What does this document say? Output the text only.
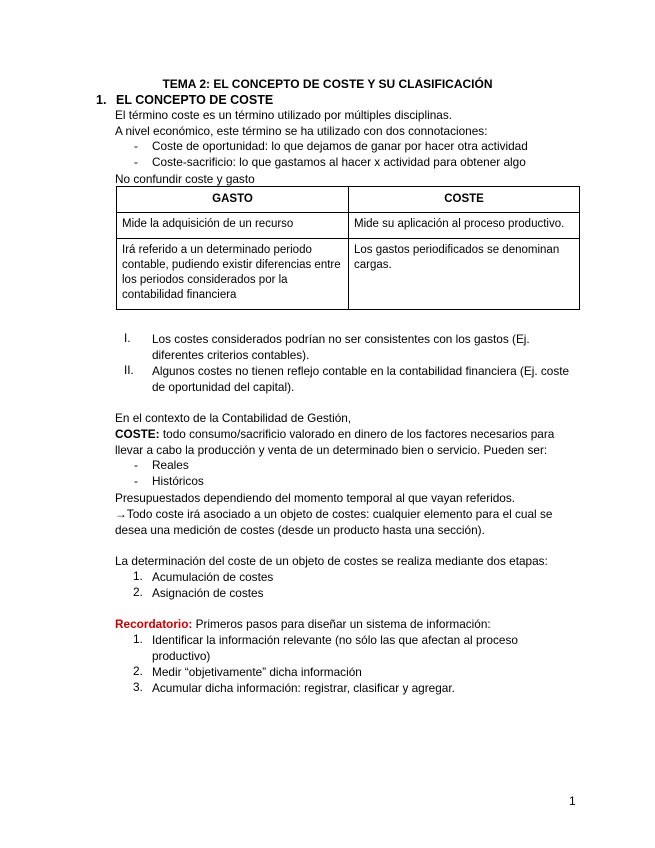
TEMA 2: EL CONCEPTO DE COSTE Y SU CLASIFICACIÓN
1. EL CONCEPTO DE COSTE
El término coste es un término utilizado por múltiples disciplinas.
A nivel económico, este término se ha utilizado con dos connotaciones:
- Coste de oportunidad: lo que dejamos de ganar por hacer otra actividad
- Coste-sacrificio: lo que gastamos al hacer x actividad para obtener algo
No confundir coste y gasto
GASTO	COSTE
Mide la adquisición de un recurso	Mide su aplicación al proceso productivo.
Irá referido a un determinado periodo contable, pudiendo existir diferencias entre los periodos considerados por la contabilidad financiera	Los gastos periodificados se denominan cargas.
I. Los costes considerados podrían no ser consistentes con los gastos (Ej.
diferentes criterios contables).
II. Algunos costes no tienen reflejo contable en la contabilidad financiera (Ej. coste
de oportunidad del capital).
En el contexto de la Contabilidad de Gestión,
COSTE: todo consumo/sacrificio valorado en dinero de los factores necesarios para
llevar a cabo la producción y venta de un determinado bien o servicio. Pueden ser:
- Reales
- Históricos
Presupuestados dependiendo del momento temporal al que vayan referidos.
→Todo coste irá asociado a un objeto de costes: cualquier elemento para el cual se
desea una medición de costes (desde un producto hasta una sección).
La determinación del coste de un objeto de costes se realiza mediante dos etapas:
1. Acumulación de costes
2. Asignación de costes
Recordatorio: Primeros pasos para diseñar un sistema de información:
1. Identificar la información relevante (no sólo las que afectan al proceso
productivo)
2. Medir “objetivamente” dicha información
3. Acumular dicha información: registrar, clasificar y agregar.
1
